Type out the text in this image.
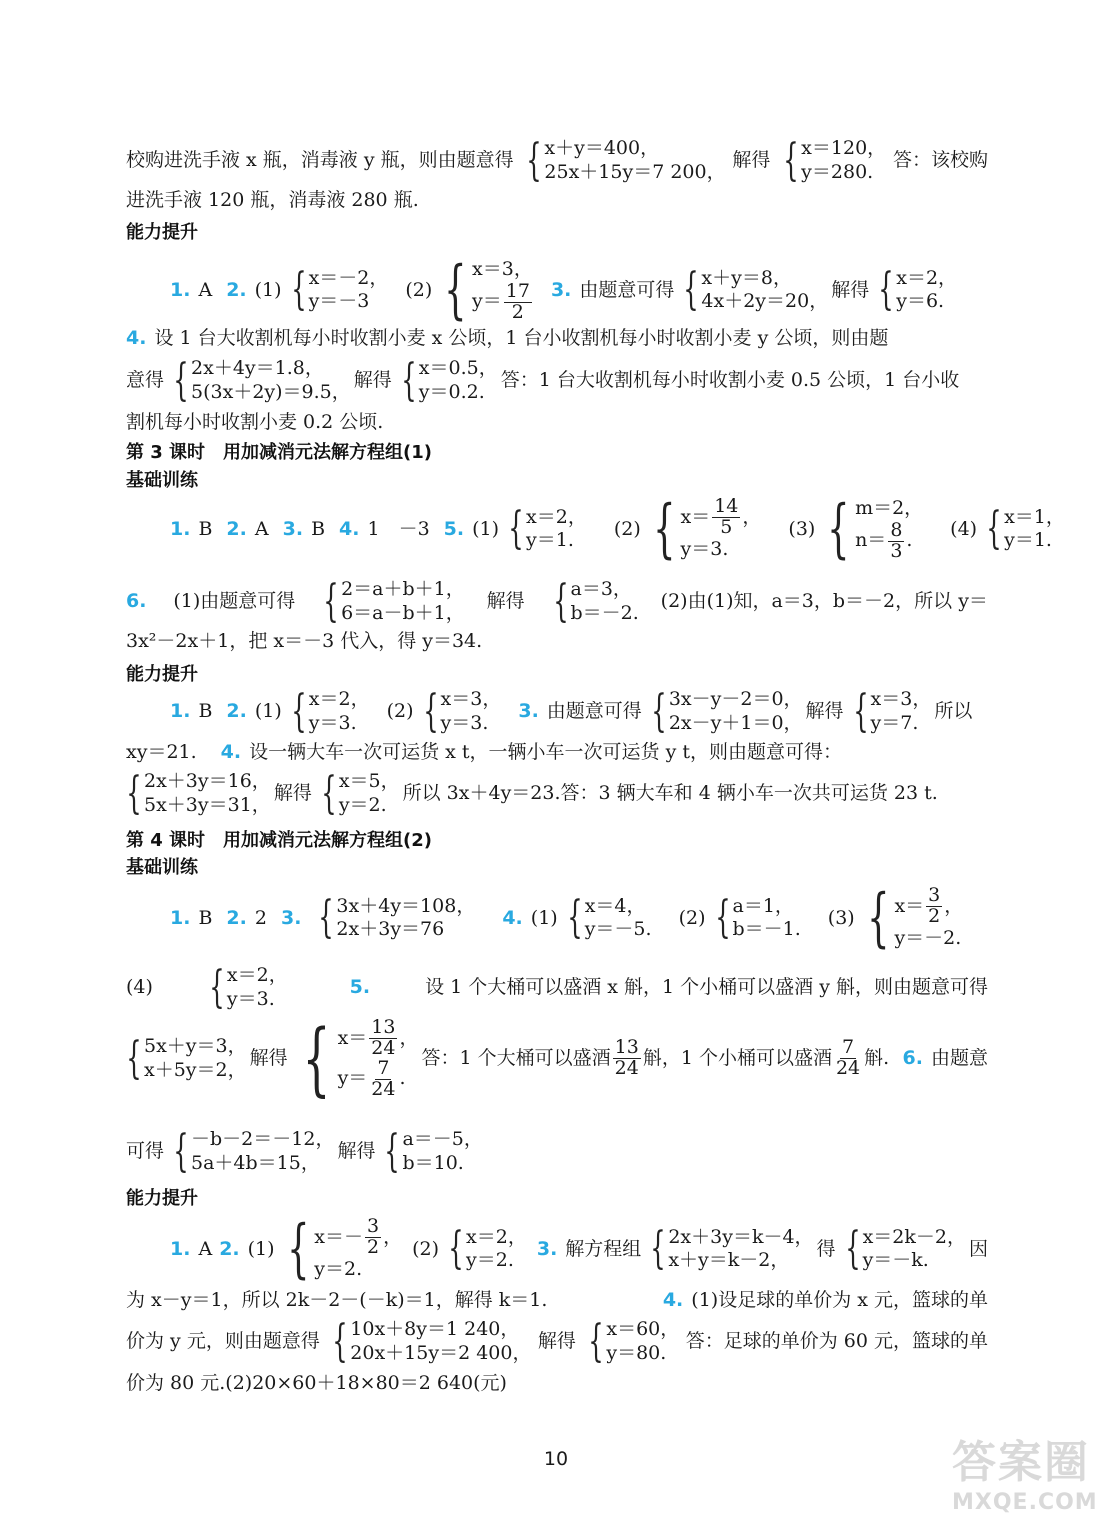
校购进洗手液 x 瓶，消毒液 y 瓶，则由题意得 { x＋y＝400，
25x＋15y＝7 200，
解得 { x＝120，
y＝280.
答：该校购
进洗手液 120 瓶，消毒液 280 瓶.
能力提升
1. A 2. (1) { x＝－2，
y＝－3
(2) { x＝3，
$y= \frac{17}{2} 3$. 由题意可得 { x＋y＝8，
4x＋2y＝20，
解得 { x＝2，
y＝6.
4. 设 1 台大收割机每小时收割小麦 x 公顷，1 台小收割机每小时收割小麦 y 公顷，则由题
意得 { 2x＋4y＝1.8，
5(3x＋2y)＝9.5，
解得 { x＝0.5，
y＝0.2.
答：1 台大收割机每小时收割小麦 0.5 公顷，1 台小收
割机每小时收割小麦 0.2 公顷.
第 3 课时　用加减消元法解方程组(1)
基础训练
1. B 2. A 3. B 4. 1　－3 5. (1) { x＝2，
y＝1.
(2) { $x= \frac{14}{5}$ ，
y＝3.
(3) { m＝2，
$n= \frac{8}{3}$ .
(4) { x＝1，
y＝1.
6. (1)由题意可得 { 2＝a＋b＋1，
6＝a－b＋1，
解得 { a＝3，
b＝－2.
(2)由(1)知，a＝3，b＝－2，所以 y＝
3x²－2x＋1，把 x＝－3 代入，得 y＝34.
能力提升
1. B 2. (1) { x＝2，
y＝3.
(2) { x＝3，
y＝3.
3. 由题意可得 { 3x－y－2＝0，
2x－y＋1＝0，
解得 { x＝3，
y＝7.
所以
xy＝21. 4. 设一辆大车一次可运货 x t，一辆小车一次可运货 y t，则由题意可得：
{ 2x＋3y＝16，
5x＋3y＝31，
解得 { x＝5，
y＝2.
所以 3x＋4y＝23.答：3 辆大车和 4 辆小车一次共可运货 23 t.
第 4 课时　用加减消元法解方程组(2)
基础训练
1. B 2. 2 3. { 3x＋4y＝108，
2x＋3y＝76
4. (1) { x＝4，
y＝－5.
(2) { a＝1，
b＝－1.
(3) { $x= \frac{3}{2}$ ，
y＝－2.
(4) { x＝2，
y＝3.
5.	设 1 个大桶可以盛酒 x 斛，1 个小桶可以盛酒 y 斛，则由题意可得
{ 5x＋y＝3，
x＋5y＝2，
解得 { $x= \frac{13}{24}$ ，
$y= \frac{7}{24}$ .
答：1 个大桶可以盛酒 $\frac{13}{24}$ 斛，1 个小桶可以盛酒 $\frac{7}{24}$ 斛. 6. 由题意
可得 { －b－2＝－12，
5a＋4b＝15，
解得 { a＝－5，
b＝10.
能力提升
1. A 2. (1) { $x=- \frac{3}{2}$ ，
y＝2.
(2) { x＝2，
y＝2.
3. 解方程组 { 2x＋3y＝k－4，
x＋y＝k－2，
得 { x＝2k－2，
y＝－k.
因
为 x－y＝1，所以 2k－2－(－k)＝1，解得 k＝1.	4. (1)设足球的单价为 x 元，篮球的单
价为 y 元，则由题意得 { 10x＋8y＝1 240，
20x＋15y＝2 400，
解得 { x＝60，
y＝80.
答：足球的单价为 60 元，篮球的单
价为 80 元.(2)20×60＋18×80＝2 640(元)
10	答案圈
MXQE.COM
